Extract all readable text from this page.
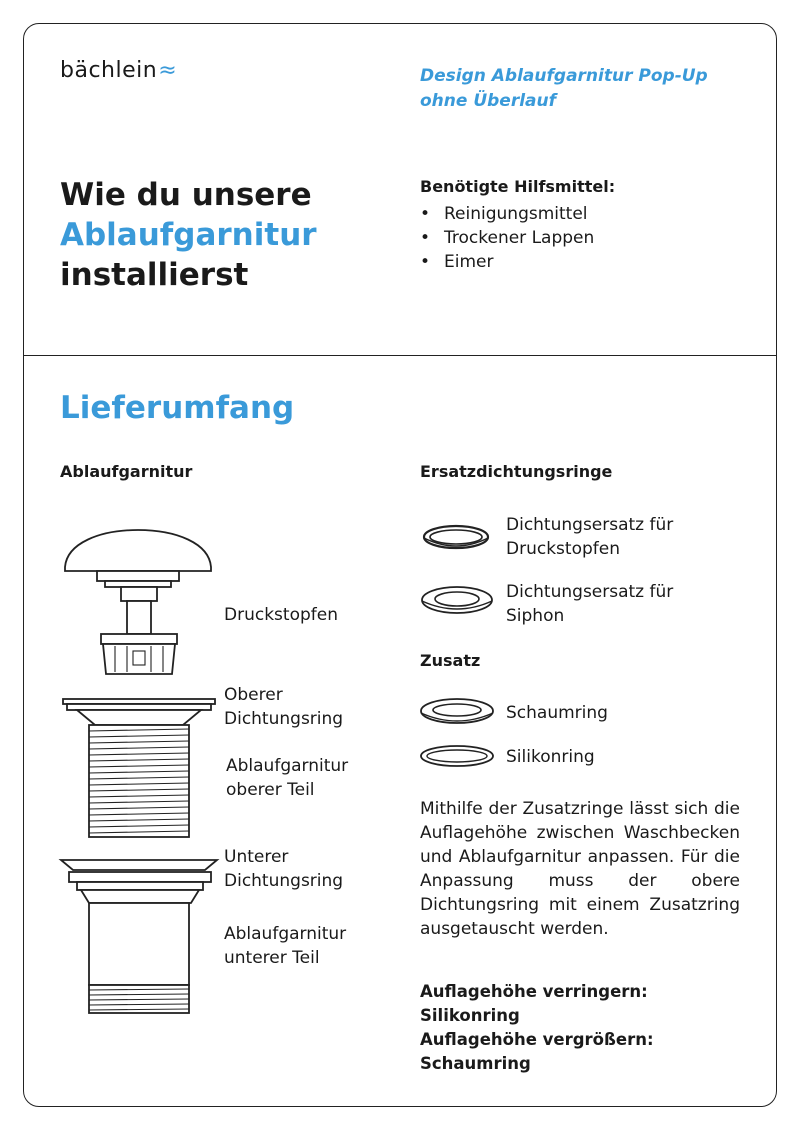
bächlein≈	Design Ablaufgarnitur Pop-Up ohne Überlauf
Wie du unsere
Ablaufgarnitur
installierst
Benötigte Hilfsmittel:
• Reinigungsmittel
• Trockener Lappen
• Eimer
Lieferumfang
Ablaufgarnitur	Ersatzdichtungsringe
Druckstopfen
Oberer Dichtungsring
Ablaufgarnitur oberer Teil
Unterer Dichtungsring
Ablaufgarnitur unterer Teil
Dichtungsersatz für Druckstopfen
Dichtungsersatz für Siphon
Zusatz
Schaumring
Silikonring
Mithilfe der Zusatzringe lässt sich die Auflagehöhe zwischen Waschbecken und Ablaufgarnitur anpassen. Für die Anpassung muss der obere Dichtungsring mit einem Zusatzring ausgetauscht werden.
Auflagehöhe verringern:
Silikonring
Auflagehöhe vergrößern:
Schaumring
